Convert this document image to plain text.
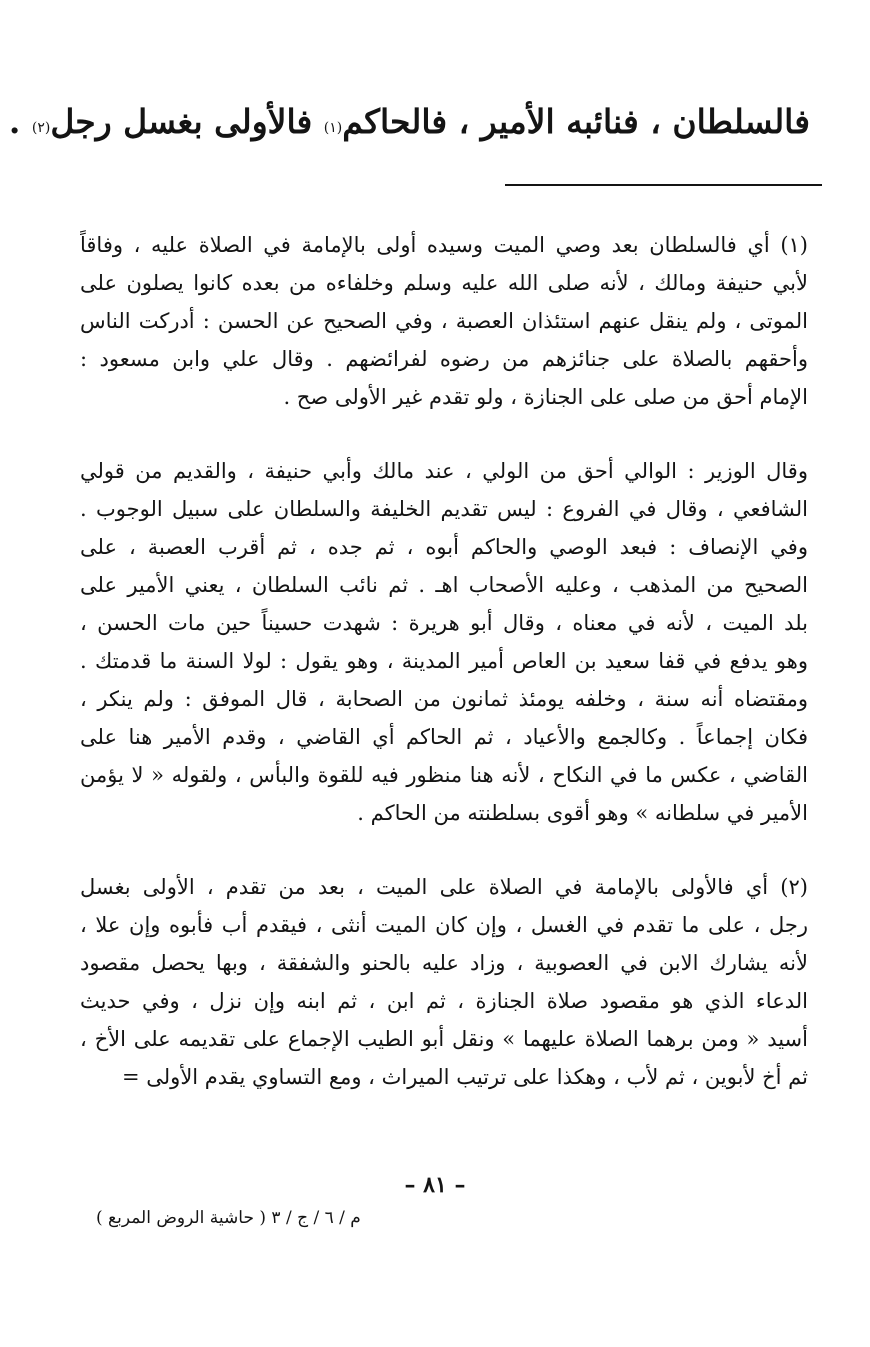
فالسلطان ، فنائبه الأمير ، فالحاكم$^{(١)}$ فالأولى بغسل رجل$^{(٢)}$ .

(١) أي فالسلطان بعد وصي الميت وسيده أولى بالإمامة في الصلاة عليه ، وفاقاً

لأبي حنيفة ومالك ، لأنه صلى الله عليه وسلم وخلفاءه من بعده كانوا يصلون على

الموتى ، ولم ينقل عنهم استئذان العصبة ، وفي الصحيح عن الحسن : أدركت الناس

وأحقهم بالصلاة على جنائزهم من رضوه لفرائضهم . وقال علي وابن مسعود :

الإمام أحق من صلى على الجنازة ، ولو تقدم غير الأولى صح .

وقال الوزير : الوالي أحق من الولي ، عند مالك وأبي حنيفة ، والقديم من قولي

الشافعي ، وقال في الفروع : ليس تقديم الخليفة والسلطان على سبيل الوجوب .

وفي الإنصاف : فبعد الوصي والحاكم أبوه ، ثم جده ، ثم أقرب العصبة ، على

الصحيح من المذهب ، وعليه الأصحاب اهـ . ثم نائب السلطان ، يعني الأمير على

بلد الميت ، لأنه في معناه ، وقال أبو هريرة : شهدت حسيناً حين مات الحسن ،

وهو يدفع في قفا سعيد بن العاص أمير المدينة ، وهو يقول : لولا السنة ما قدمتك .

ومقتضاه أنه سنة ، وخلفه يومئذ ثمانون من الصحابة ، قال الموفق : ولم ينكر ،

فكان إجماعاً . وكالجمع والأعياد ، ثم الحاكم أي القاضي ، وقدم الأمير هنا على

القاضي ، عكس ما في النكاح ، لأنه هنا منظور فيه للقوة والبأس ، ولقوله « لا يؤمن

الأمير في سلطانه » وهو أقوى بسلطنته من الحاكم .

(٢) أي فالأولى بالإمامة في الصلاة على الميت ، بعد من تقدم ، الأولى بغسل

رجل ، على ما تقدم في الغسل ، وإن كان الميت أنثى ، فيقدم أب فأبوه وإن علا ،

لأنه يشارك الابن في العصوبية ، وزاد عليه بالحنو والشفقة ، وبها يحصل مقصود

الدعاء الذي هو مقصود صلاة الجنازة ، ثم ابن ، ثم ابنه وإن نزل ، وفي حديث

أسيد « ومن برهما الصلاة عليهما » ونقل أبو الطيب الإجماع على تقديمه على الأخ ،

ثم أخ لأبوين ، ثم لأب ، وهكذا على ترتيب الميراث ، ومع التساوي يقدم الأولى =

– ٨١ –
م / ٦ / ج / ٣ ( حاشية الروض المربع )
